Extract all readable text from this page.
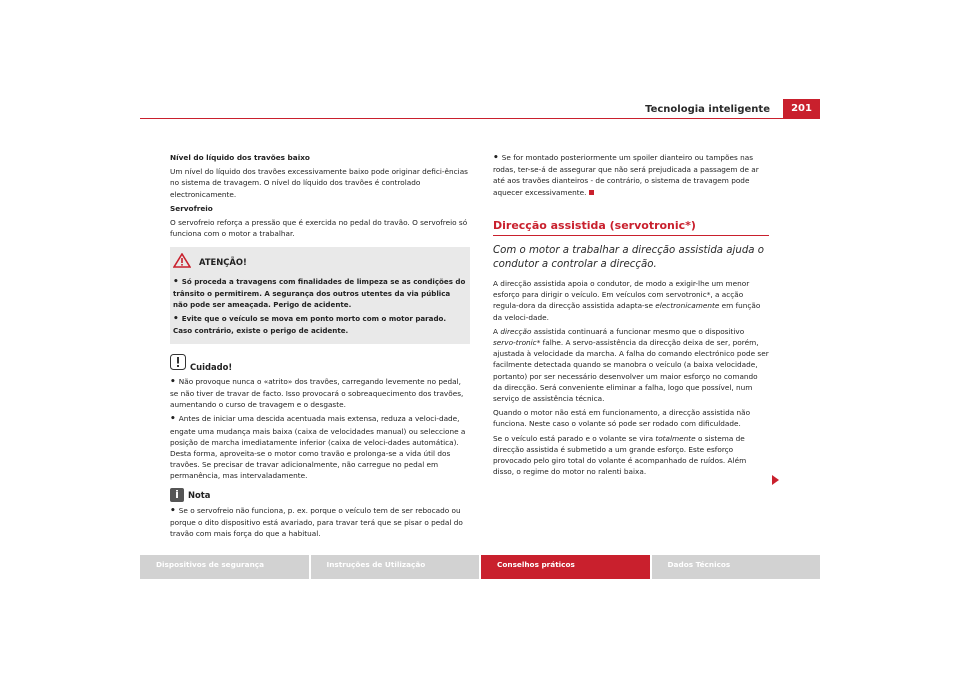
Tecnologia inteligente	201
Nível do líquido dos travões baixo
Um nível do líquido dos travões excessivamente baixo pode originar defici-ências no sistema de travagem. O nível do líquido dos travões é controlado electronicamente.
Servofreio
O servofreio reforça a pressão que é exercida no pedal do travão. O servofreio só funciona com o motor a trabalhar.
ATENÇÃO!
• Só proceda a travagens com finalidades de limpeza se as condições do trânsito o permitirem. A segurança dos outros utentes da via pública não pode ser ameaçada. Perigo de acidente.
• Evite que o veículo se mova em ponto morto com o motor parado. Caso contrário, existe o perigo de acidente.
Cuidado!
• Não provoque nunca o «atrito» dos travões, carregando levemente no pedal, se não tiver de travar de facto. Isso provocará o sobreaquecimento dos travões, aumentando o curso de travagem e o desgaste.
• Antes de iniciar uma descida acentuada mais extensa, reduza a veloci-dade, engate uma mudança mais baixa (caixa de velocidades manual) ou seleccione a posição de marcha imediatamente inferior (caixa de veloci-dades automática). Desta forma, aproveita-se o motor como travão e prolonga-se a vida útil dos travões. Se precisar de travar adicionalmente, não carregue no pedal em permanência, mas intervaladamente.
i	Nota
• Se o servofreio não funciona, p. ex. porque o veículo tem de ser rebocado ou porque o dito dispositivo está avariado, para travar terá que se pisar o pedal do travão com mais força do que a habitual.
• Se for montado posteriormente um spoiler dianteiro ou tampões nas rodas, ter-se-á de assegurar que não será prejudicada a passagem de ar até aos travões dianteiros - de contrário, o sistema de travagem pode aquecer excessivamente.
Direcção assistida (servotronic*)
Com o motor a trabalhar a direcção assistida ajuda o condutor a controlar a direcção.
A direcção assistida apoia o condutor, de modo a exigir-lhe um menor esforço para dirigir o veículo. Em veículos com servotronic*, a acção regula-dora da direcção assistida adapta-se electronicamente em função da veloci-dade.
A direcção assistida continuará a funcionar mesmo que o dispositivo servo-tronic* falhe. A servo-assistência da direcção deixa de ser, porém, ajustada à velocidade da marcha. A falha do comando electrónico pode ser facilmente detectada quando se manobra o veículo (a baixa velocidade, portanto) por ser necessário desenvolver um maior esforço no comando da direcção. Será conveniente eliminar a falha, logo que possível, num serviço de assistência técnica.
Quando o motor não está em funcionamento, a direcção assistida não funciona. Neste caso o volante só pode ser rodado com dificuldade.
Se o veículo está parado e o volante se vira totalmente o sistema de direcção assistida é submetido a um grande esforço. Este esforço provocado pelo giro total do volante é acompanhado de ruídos. Além disso, o regime do motor no ralenti baixa.
Dispositivos de segurança	Instruções de Utilização	Conselhos práticos	Dados Técnicos
